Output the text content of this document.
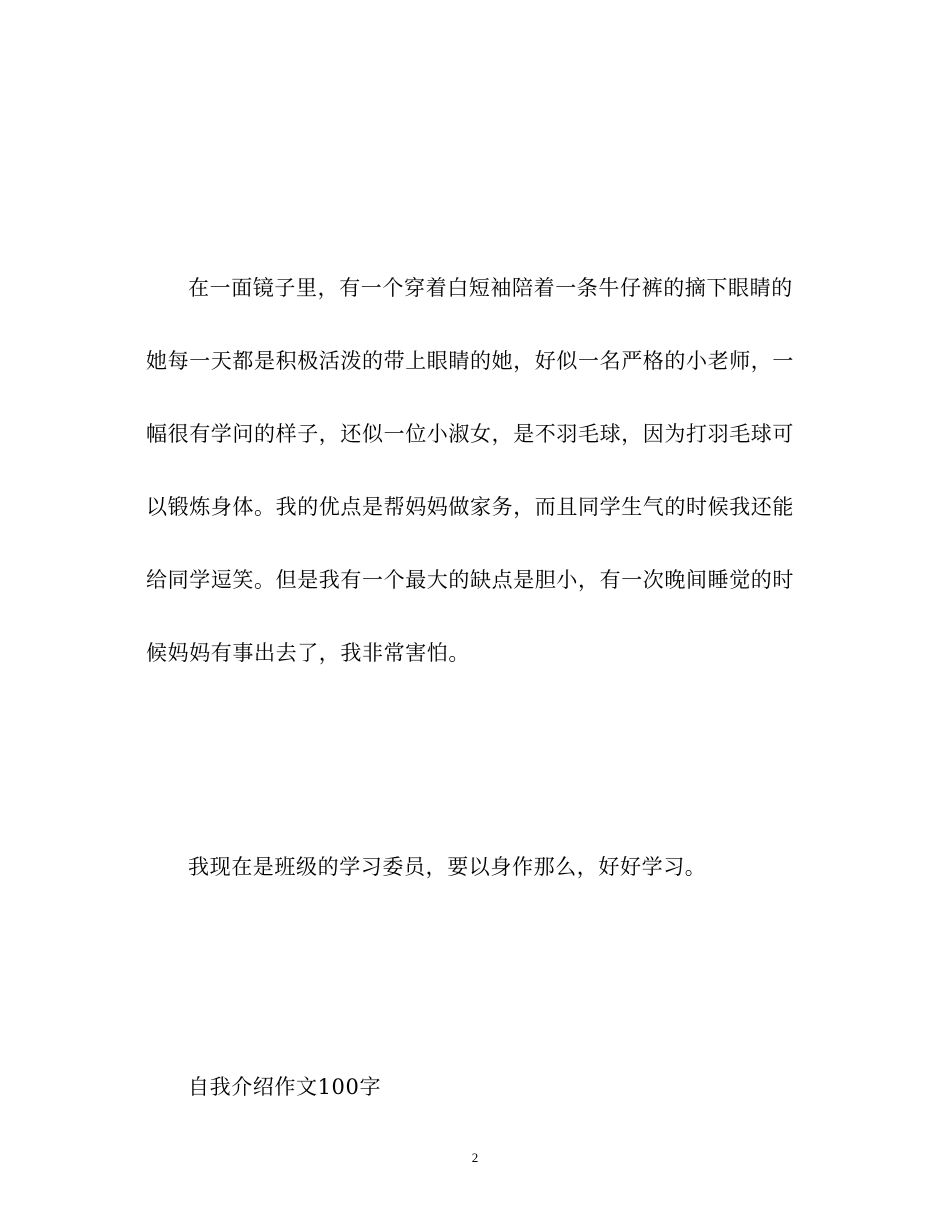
在一面镜子里，有一个穿着白短袖陪着一条牛仔裤的摘下眼睛的
她每一天都是积极活泼的带上眼睛的她，好似一名严格的小老师，一
幅很有学问的样子，还似一位小淑女，是不羽毛球，因为打羽毛球可
以锻炼身体。我的优点是帮妈妈做家务，而且同学生气的时候我还能
给同学逗笑。但是我有一个最大的缺点是胆小，有一次晚间睡觉的时
候妈妈有事出去了，我非常害怕。
我现在是班级的学习委员，要以身作那么，好好学习。
自我介绍作文100字
2
